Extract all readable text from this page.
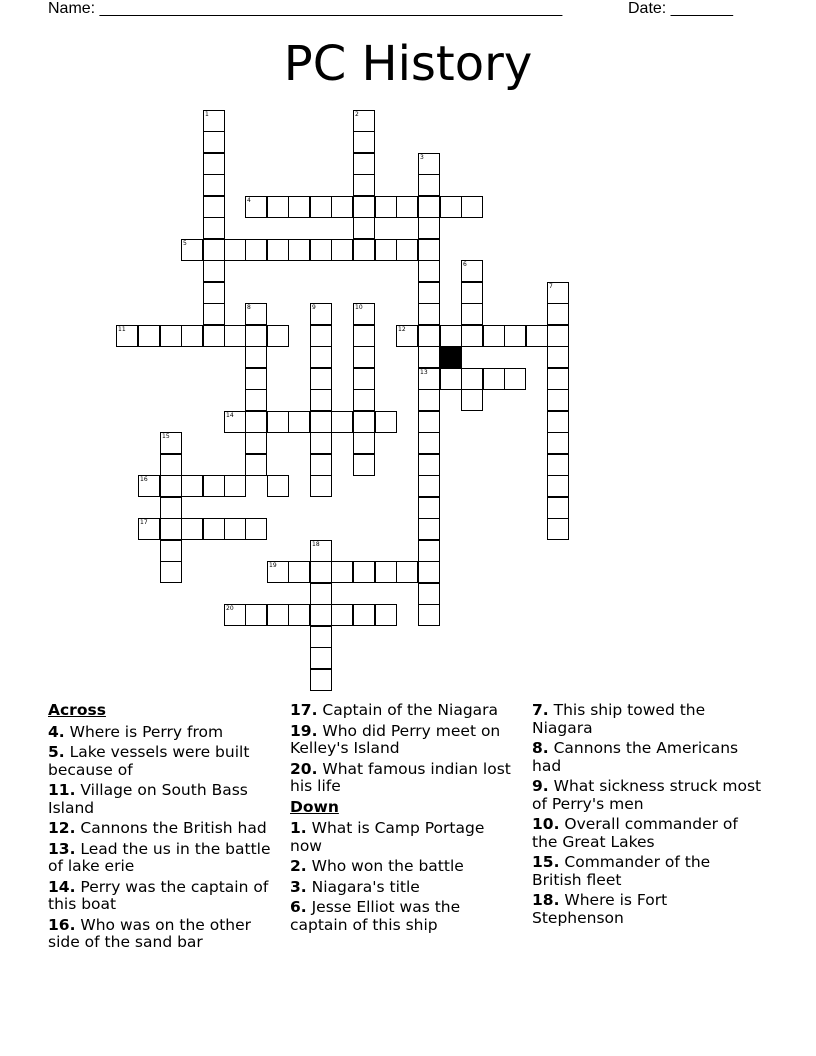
Name: ____________________________________________________	Date: _______
PC History
1	2
3
13
4
5
6
7
8	9	10
11	12
14
15
16
17
18
19
20
Across
4. Where is Perry from
5. Lake vessels were built because of
11. Village on South Bass Island
12. Cannons the British had
13. Lead the us in the battle of lake erie
14. Perry was the captain of this boat
16. Who was on the other side of the sand bar
17. Captain of the Niagara
19. Who did Perry meet on Kelley's Island
20. What famous indian lost his life
Down
1. What is Camp Portage now
2. Who won the battle
3. Niagara's title
6. Jesse Elliot was the captain of this ship
7. This ship towed the Niagara
8. Cannons the Americans had
9. What sickness struck most of Perry's men
10. Overall commander of the Great Lakes
15. Commander of the British fleet
18. Where is Fort Stephenson
